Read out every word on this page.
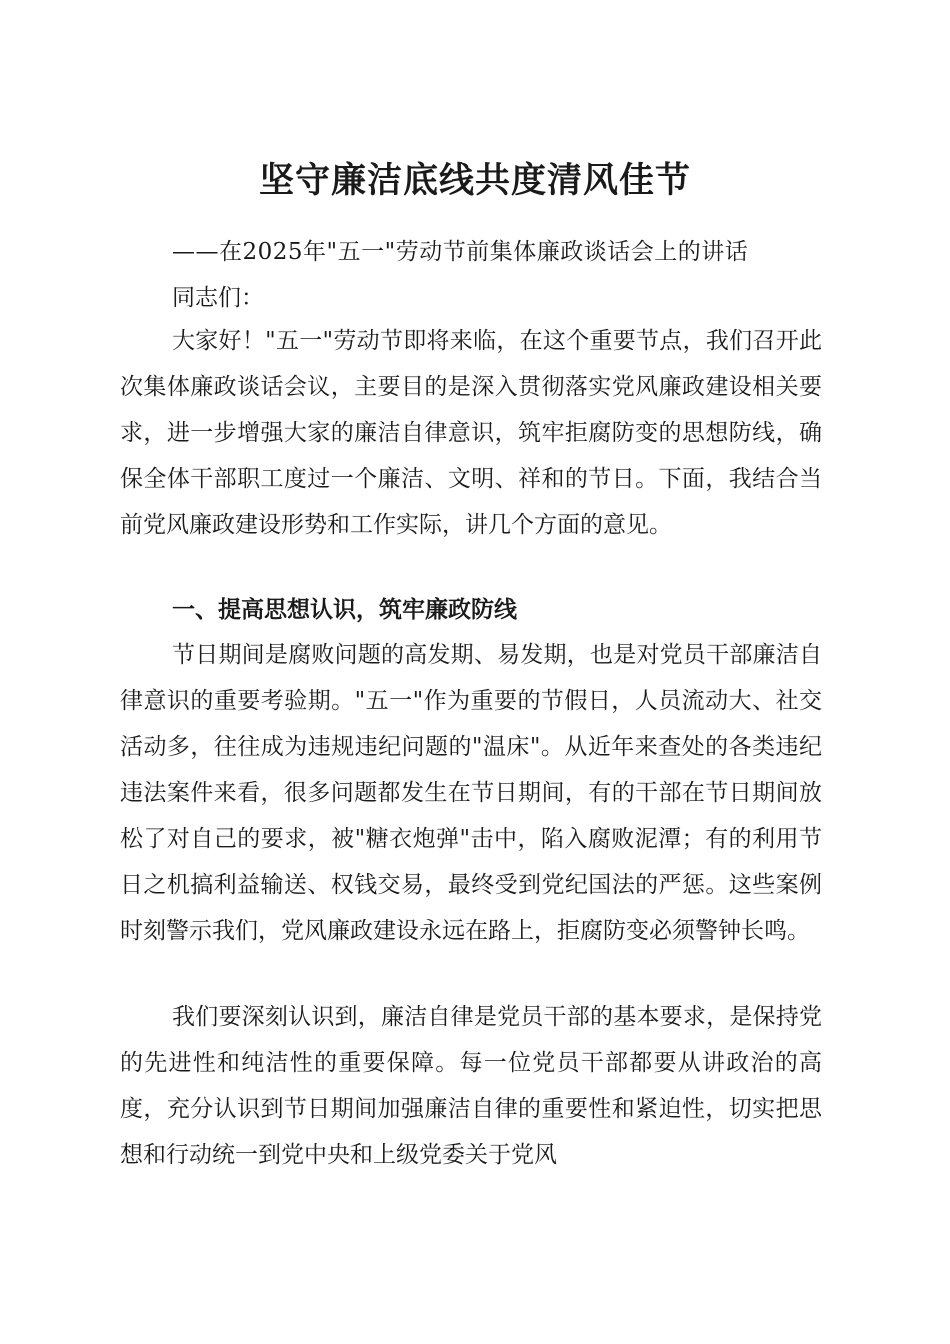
坚守廉洁底线共度清风佳节
——在2025年"五一"劳动节前集体廉政谈话会上的讲话
同志们：

大家好！"五一"劳动节即将来临，在这个重要节点，我们召开此次集体廉政谈话会议，主要目的是深入贯彻落实党风廉政建设相关要求，进一步增强大家的廉洁自律意识，筑牢拒腐防变的思想防线，确保全体干部职工度过一个廉洁、文明、祥和的节日。下面，我结合当前党风廉政建设形势和工作实际，讲几个方面的意见。

一、提高思想认识，筑牢廉政防线

节日期间是腐败问题的高发期、易发期，也是对党员干部廉洁自律意识的重要考验期。"五一"作为重要的节假日，人员流动大、社交活动多，往往成为违规违纪问题的"温床"。从近年来查处的各类违纪违法案件来看，很多问题都发生在节日期间，有的干部在节日期间放松了对自己的要求，被"糖衣炮弹"击中，陷入腐败泥潭；有的利用节日之机搞利益输送、权钱交易，最终受到党纪国法的严惩。这些案例时刻警示我们，党风廉政建设永远在路上，拒腐防变必须警钟长鸣。

我们要深刻认识到，廉洁自律是党员干部的基本要求，是保持党的先进性和纯洁性的重要保障。每一位党员干部都要从讲政治的高度，充分认识到节日期间加强廉洁自律的重要性和紧迫性，切实把思想和行动统一到党中央和上级党委关于党风
